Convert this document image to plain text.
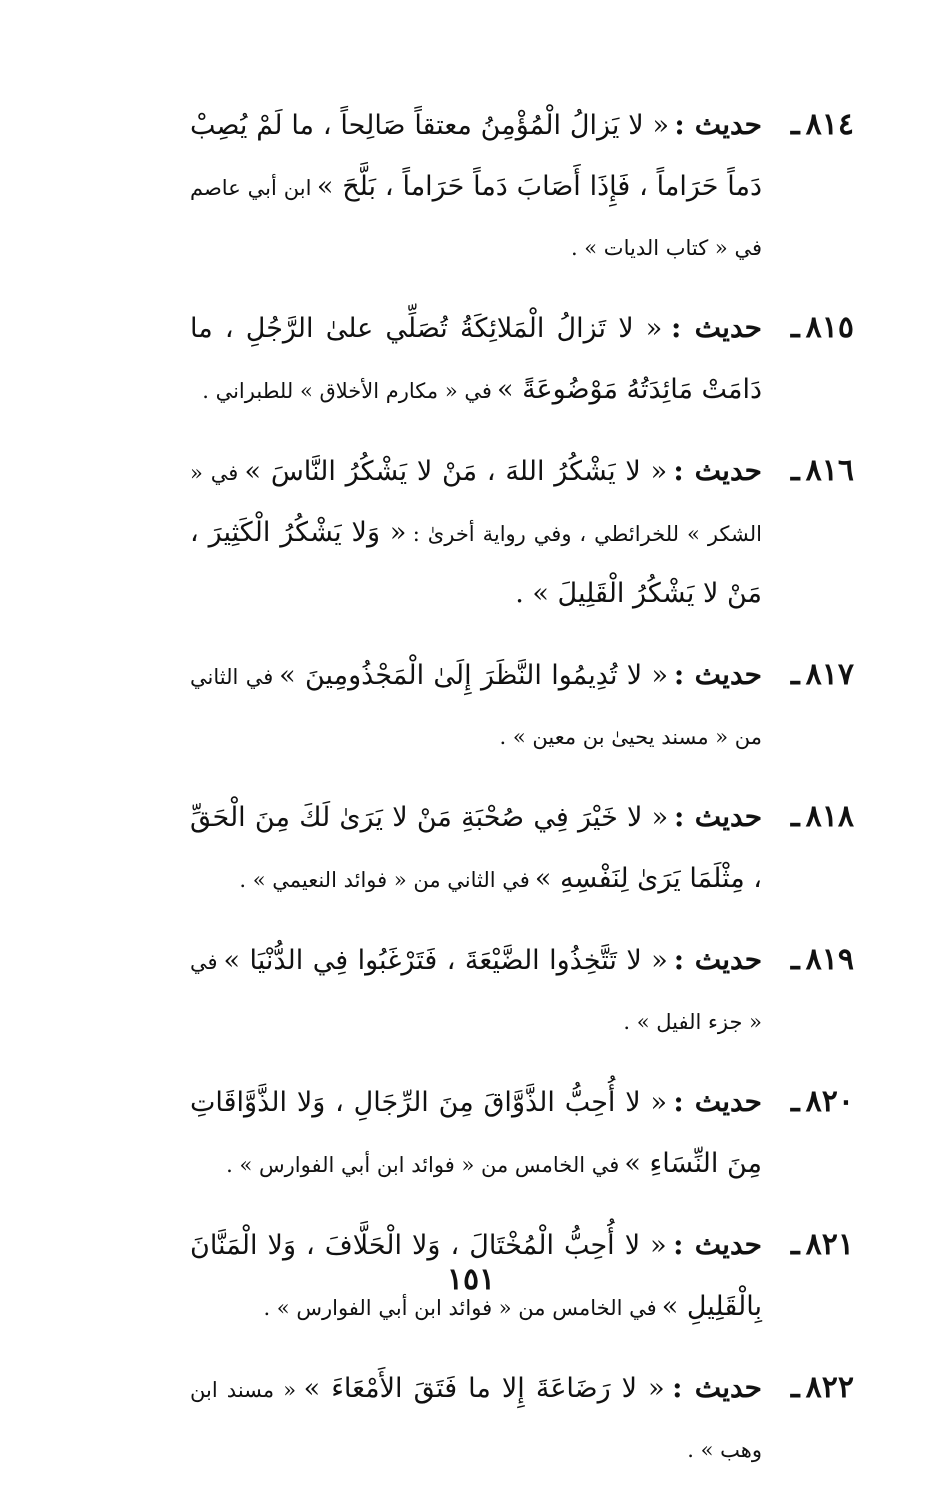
٨١٤ـ
حديث : « لا يَزالُ الْمُؤْمِنُ معتقاً صَالِحاً ، ما لَمْ يُصِبْ دَماً حَرَاماً ، فَإِذَا أَصَابَ دَماً حَرَاماً ، بَلَّحَ » ابن أبي عاصم في « كتاب الديات » .
٨١٥ـ
حديث : « لا تَزالُ الْمَلائِكَةُ تُصَلِّي علىٰ الرَّجُلِ ، ما دَامَتْ مَائِدَتُهُ مَوْضُوعَةً » في « مكارم الأخلاق » للطبراني .
٨١٦ـ
حديث : « لا يَشْكُرُ اللهَ ، مَنْ لا يَشْكُرُ النَّاسَ » في « الشكر » للخرائطي ، وفي رواية أخرىٰ : « وَلا يَشْكُرُ الْكَثِيرَ ، مَنْ لا يَشْكُرُ الْقَلِيلَ » .
٨١٧ـ
حديث : « لا تُدِيمُوا النَّظَرَ إِلَىٰ الْمَجْذُومِينَ » في الثاني من « مسند يحيىٰ بن معين » .
٨١٨ـ
حديث : « لا خَيْرَ فِي صُحْبَةِ مَنْ لا يَرَىٰ لَكَ مِنَ الْحَقِّ ، مِثْلَمَا يَرَىٰ لِنَفْسِهِ » في الثاني من « فوائد النعيمي » .
٨١٩ـ
حديث : « لا تَتَّخِذُوا الضَّيْعَةَ ، فَتَرْغَبُوا فِي الدُّنْيَا » في « جزء الفيل » .
٨٢٠ـ
حديث : « لا أُحِبُّ الذَّوَّاقَ مِنَ الرِّجَالِ ، وَلا الذَّوَّاقَاتِ مِنَ النِّسَاءِ » في الخامس من « فوائد ابن أبي الفوارس » .
٨٢١ـ
حديث : « لا أُحِبُّ الْمُخْتَالَ ، وَلا الْحَلَّافَ ، وَلا الْمَنَّانَ بِالْقَلِيلِ » في الخامس من « فوائد ابن أبي الفوارس » .
٨٢٢ـ
حديث : « لا رَضَاعَةَ إِلا ما فَتَقَ الأَمْعَاءَ » « مسند ابن وهب » .
١٥١
